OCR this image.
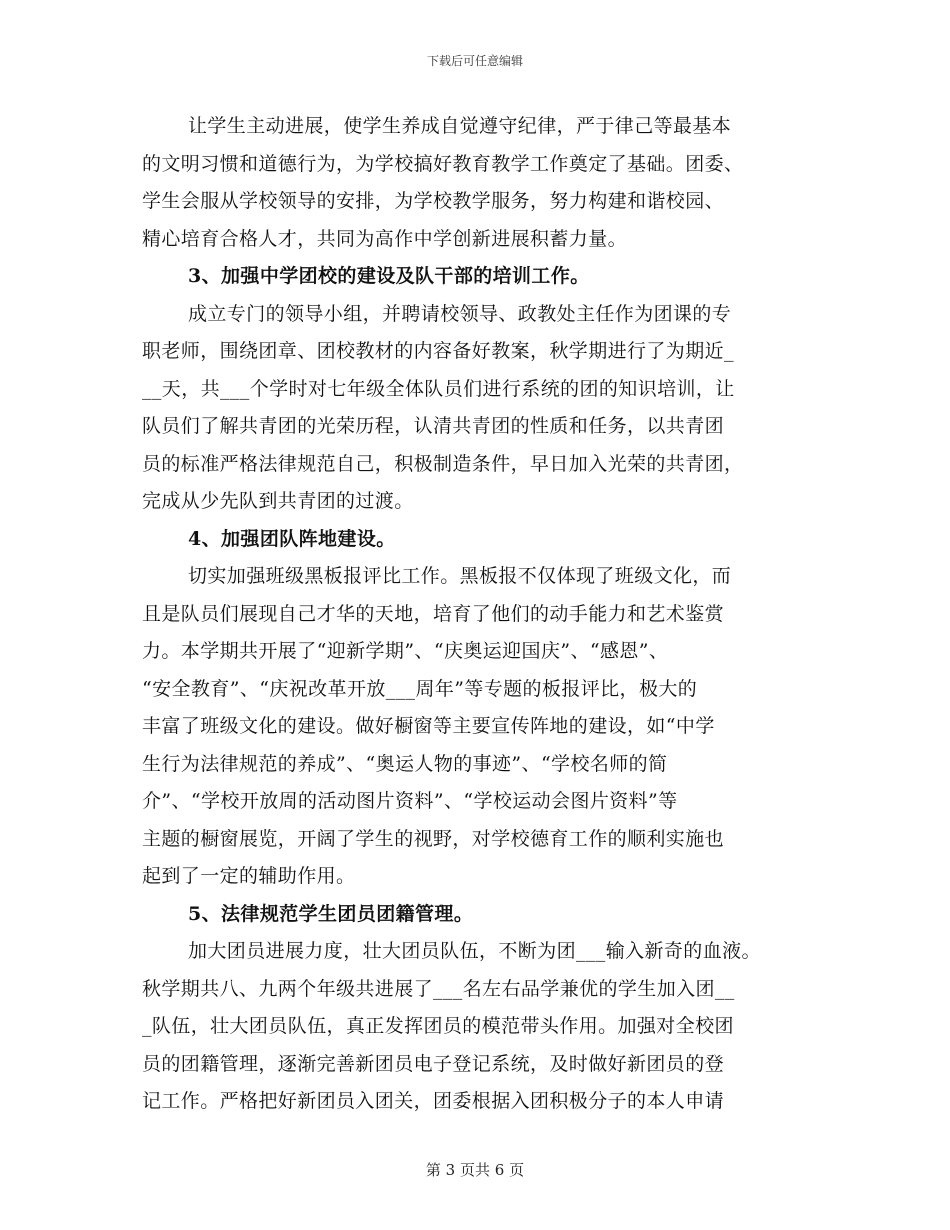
下载后可任意编辑
让学生主动进展，使学生养成自觉遵守纪律，严于律己等最基本
的文明习惯和道德行为，为学校搞好教育教学工作奠定了基础。团委、
学生会服从学校领导的安排，为学校教学服务，努力构建和谐校园、
精心培育合格人才，共同为高作中学创新进展积蓄力量。
3、加强中学团校的建设及队干部的培训工作。
成立专门的领导小组，并聘请校领导、政教处主任作为团课的专
职老师，围绕团章、团校教材的内容备好教案，秋学期进行了为期近_
__天，共___个学时对七年级全体队员们进行系统的团的知识培训，让
队员们了解共青团的光荣历程，认清共青团的性质和任务，以共青团
员的标准严格法律规范自己，积极制造条件，早日加入光荣的共青团，
完成从少先队到共青团的过渡。
4、加强团队阵地建设。
切实加强班级黑板报评比工作。黑板报不仅体现了班级文化，而
且是队员们展现自己才华的天地，培育了他们的动手能力和艺术鉴赏
力。本学期共开展了“迎新学期”、“庆奥运迎国庆”、“感恩”、
“安全教育”、“庆祝改革开放___周年”等专题的板报评比，极大的
丰富了班级文化的建设。做好橱窗等主要宣传阵地的建设，如“中学
生行为法律规范的养成”、“奥运人物的事迹”、“学校名师的简
介”、“学校开放周的活动图片资料”、“学校运动会图片资料”等
主题的橱窗展览，开阔了学生的视野，对学校德育工作的顺利实施也
起到了一定的辅助作用。
5、法律规范学生团员团籍管理。
加大团员进展力度，壮大团员队伍，不断为团___输入新奇的血液。
秋学期共八、九两个年级共进展了___名左右品学兼优的学生加入团__
_队伍，壮大团员队伍，真正发挥团员的模范带头作用。加强对全校团
员的团籍管理，逐渐完善新团员电子登记系统，及时做好新团员的登
记工作。严格把好新团员入团关，团委根据入团积极分子的本人申请
第 3 页共 6 页
